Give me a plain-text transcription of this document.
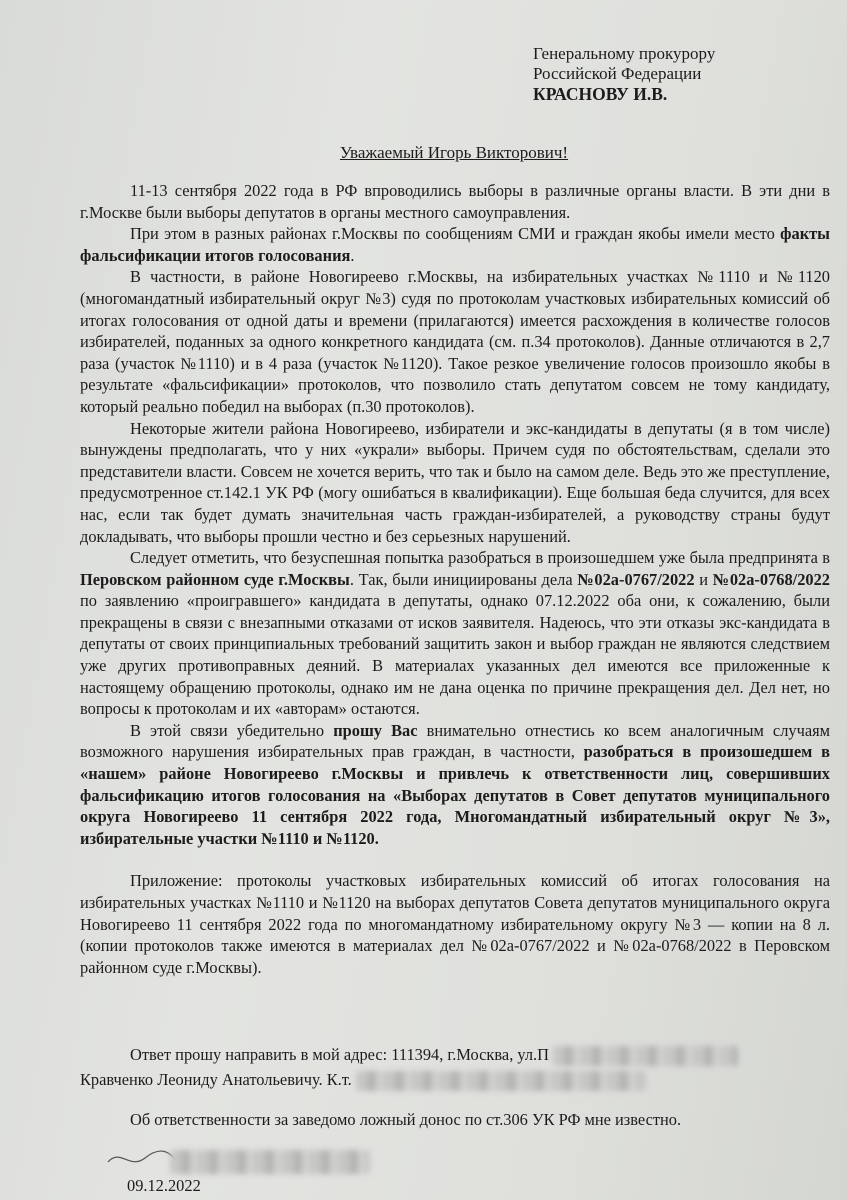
Генеральному прокурору
Российской Федерации
КРАСНОВУ И.В.
Уважаемый Игорь Викторович!

11-13 сентября 2022 года в РФ впроводились выборы в различные органы власти. В эти дни в г.Москве были выборы депутатов в органы местного самоуправления.

При этом в разных районах г.Москвы по сообщениям СМИ и граждан якобы имели место факты фальсификации итогов голосования.

В частности, в районе Новогиреево г.Москвы, на избирательных участках №1110 и №1120 (многомандатный избирательный округ №3) судя по протоколам участковых избирательных комиссий об итогах голосования от одной даты и времени (прилагаются) имеется расхождения в количестве голосов избирателей, поданных за одного конкретного кандидата (см. п.34 протоколов). Данные отличаются в 2,7 раза (участок №1110) и в 4 раза (участок №1120). Такое резкое увеличение голосов произошло якобы в результате «фальсификации» протоколов, что позволило стать депутатом совсем не тому кандидату, который реально победил на выборах (п.30 протоколов).

Некоторые жители района Новогиреево, избиратели и экс-кандидаты в депутаты (я в том числе) вынуждены предполагать, что у них «украли» выборы. Причем судя по обстоятельствам, сделали это представители власти. Совсем не хочется верить, что так и было на самом деле. Ведь это же преступление, предусмотренное ст.142.1 УК РФ (могу ошибаться в квалификации). Еще большая беда случится, для всех нас, если так будет думать значительная часть граждан-избирателей, а руководству страны будут докладывать, что выборы прошли честно и без серьезных нарушений.

Следует отметить, что безуспешная попытка разобраться в произошедшем уже была предпринята в Перовском районном суде г.Москвы. Так, были инициированы дела №02а-0767/2022 и №02а-0768/2022 по заявлению «проигравшего» кандидата в депутаты, однако 07.12.2022 оба они, к сожалению, были прекращены в связи с внезапными отказами от исков заявителя. Надеюсь, что эти отказы экс-кандидата в депутаты от своих принципиальных требований защитить закон и выбор граждан не являются следствием уже других противоправных деяний. В материалах указанных дел имеются все приложенные к настоящему обращению протоколы, однако им не дана оценка по причине прекращения дел. Дел нет, но вопросы к протоколам и их «авторам» остаются.

В этой связи убедительно прошу Вас внимательно отнестись ко всем аналогичным случаям возможного нарушения избирательных прав граждан, в частности, разобраться в произошедшем в «нашем» районе Новогиреево г.Москвы и привлечь к ответственности лиц, совершивших фальсификацию итогов голосования на «Выборах депутатов в Совет депутатов муниципального округа Новогиреево 11 сентября 2022 года, Многомандатный избирательный округ №3», избирательные участки №1110 и №1120.

Приложение: протоколы участковых избирательных комиссий об итогах голосования на избирательных участках №1110 и №1120 на выборах депутатов Совета депутатов муниципального округа Новогиреево 11 сентября 2022 года по многомандатному избирательному округу №3 — копии на 8 л. (копии протоколов также имеются в материалах дел №02а-0767/2022 и №02а-0768/2022 в Перовском районном суде г.Москвы).

Ответ прошу направить в мой адрес: 111394, г.Москва, ул.П
Кравченко Леониду Анатольевичу. К.т.
Об ответственности за заведомо ложный донос по ст.306 УК РФ мне известно.
09.12.2022
